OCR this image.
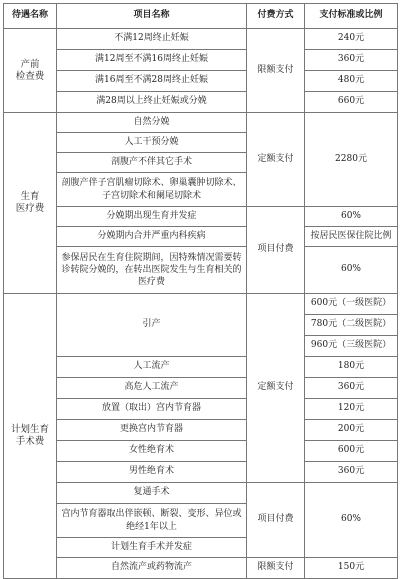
待遇名称	项目名称	付费方式	支付标准或比例
产前
检查费	不满12周终止妊娠	限额支付	240元
	满12周至不满16周终止妊娠		360元
	满16周至不满28周终止妊娠		480元
	满28周以上终止妊娠或分娩		660元
生育
医疗费	自然分娩	定额支付	2280元
	人工干预分娩		
	剖腹产不伴其它手术		
	剖腹产伴子宫肌瘤切除术、卵巢囊肿切除术、子宫切除术和阑尾切除术		
	分娩期出现生育并发症	项目付费	60%
	分娩期内合并严重内科疾病		按居民医保住院比例
	参保居民在生育住院期间，因特殊情况需要转诊转院分娩的，在转出医院发生与生育相关的医疗费		60%
计划生育
手术费	引产	定额支付	600元（一级医院）
			780元（二级医院）
			960元（三级医院）
	人工流产		180元
	高危人工流产		360元
	放置（取出）宫内节育器		120元
	更换宫内节育器		200元
	女性绝育术		600元
	男性绝育术		360元
	复通手术	项目付费	60%
	宫内节育器取出伴嵌顿、断裂、变形、异位或绝经1年以上		
	计划生育手术并发症		
	自然流产或药物流产	限额支付	150元
